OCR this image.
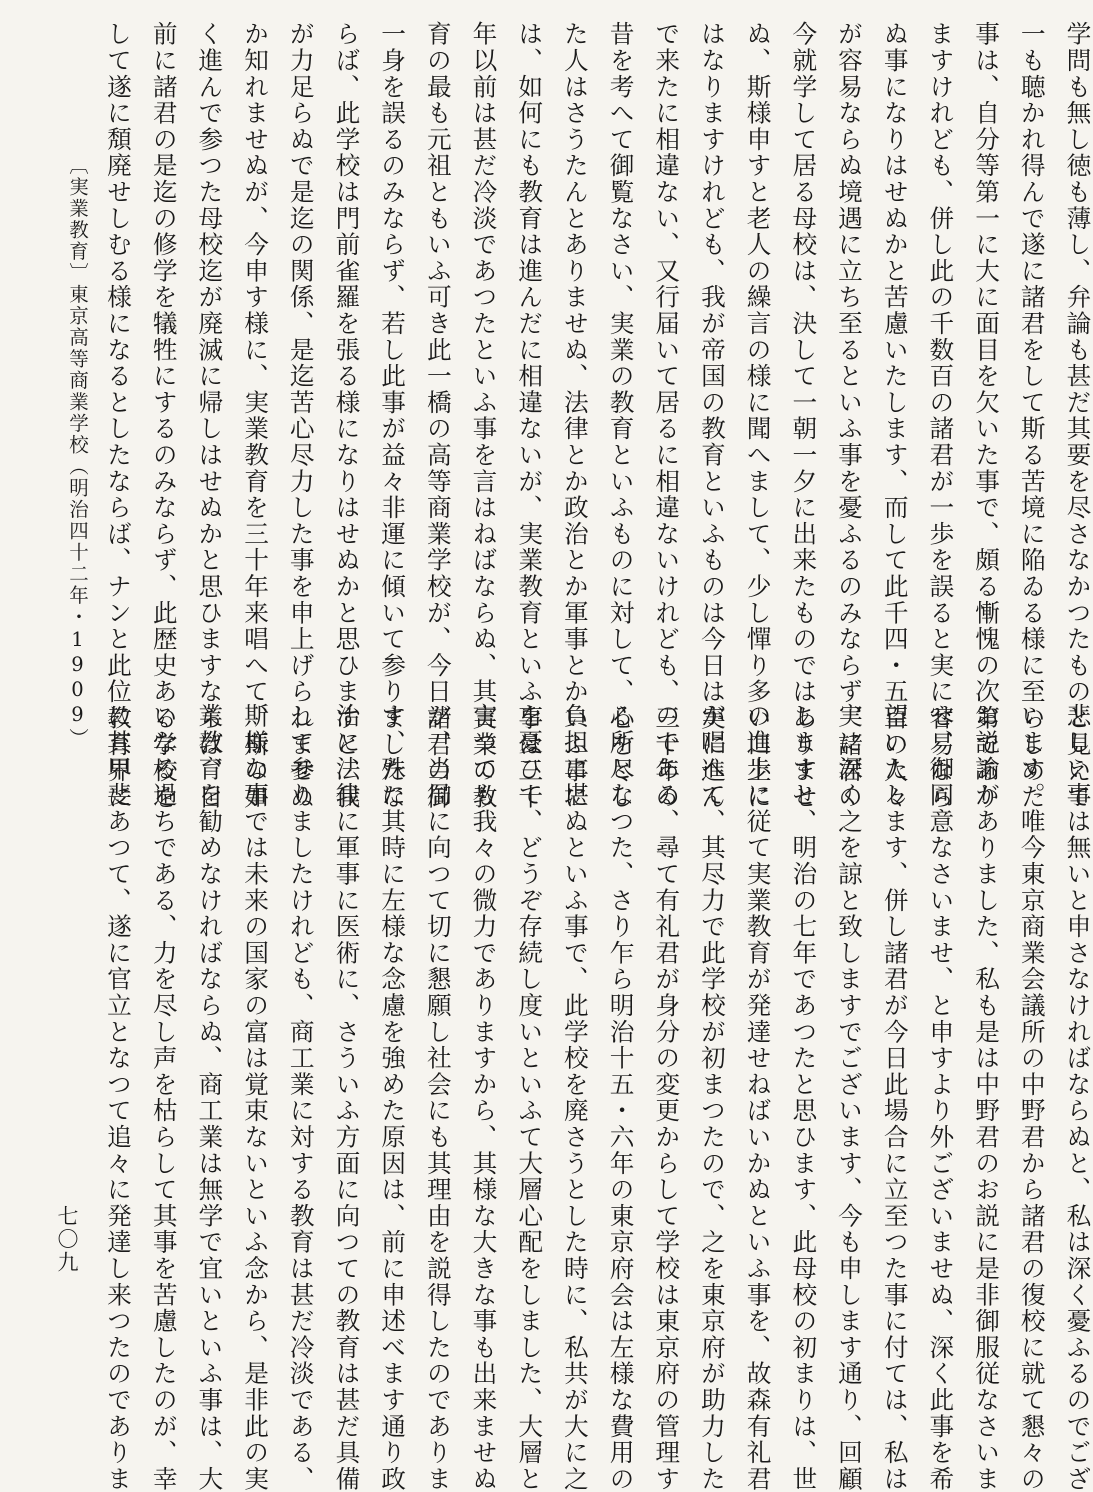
学問も無し徳も薄し、弁論も甚だ其要を尽さなかつたものと見えて
一も聴かれ得んで遂に諸君をして斯る苦境に陥ゐる様に至らしめた
事は、自分等第一に大に面目を欠いた事で、頗る慚愧の次第であり
ますけれども、併し此の千数百の諸君が一歩を誤ると実に容易なら
ぬ事になりはせぬかと苦慮いたします、而して此千四・五百の人々
が容易ならぬ境遇に立ち至るといふ事を憂ふるのみならず、諸君の
今就学して居る母校は、決して一朝一夕に出来たものではありませ
ぬ、斯様申すと老人の繰言の様に聞へまして、少し憚り多い口上に
はなりますけれども、我が帝国の教育といふものは今日は実に進ん
で来たに相違ない、又行届いて居るに相違ないけれども、三十年の
昔を考へて御覧なさい、実業の教育といふものに対して、心を尽し
た人はさうたんとありませぬ、法律とか政治とか軍事とかいふ事に
は、如何にも教育は進んだに相違ないが、実業教育といふ事は三十
年以前は甚だ冷淡であつたといふ事を言はねばならぬ、其実業の教
育の最も元祖ともいふ可き此一橋の高等商業学校が、今日諸君の御
一身を誤るのみならず、若し此事が益々非運に傾いて参りましたな
らば、此学校は門前雀羅を張る様になりはせぬかと思ひますと、我
が力足らぬで是迄の関係、是迄苦心尽力した事を申上げられませぬ
か知れませぬが、今申す様に、実業教育を三十年来唱へて、斯の如
く進んで参つた母校迄が廃滅に帰しはせぬかと思ひますならば、目
前に諸君の是迄の修学を犠牲にするのみならず、此歴史ある学校を
して遂に頽廃せしむる様になるとしたならば、ナンと此位教育界に
悲しい事は無いと申さなければならぬと、私は深く憂ふるのでござ
います。唯今東京商業会議所の中野君から諸君の復校に就て懇々の
お説諭がありました、私も是は中野君のお説に是非御服従なさいま
せ、御同意なさいませ、と申すより外ございませぬ、深く此事を希
望いたします、併し諸君が今日此場合に立至つた事に付ては、私は
実に深く之を諒と致しますでございます、今も申します通り、回顧
しますと、明治の七年であつたと思ひます、此母校の初まりは、世
の進歩に従て実業教育が発達せねばいかぬといふ事を、故森有礼君
が唱へて、其尽力で此学校が初まつたので、之を東京府が助力した
のである、尋て有礼君が身分の変更からして学校は東京府の管理す
る所となつた、さり乍ら明治十五・六年の東京府会は左様な費用の
負担に堪ぬといふ事で、此学校を廃さうとした時に、私共が大に之
を憂ひて、どうぞ存続し度いといふて大層心配をしました、大層と
言つても我々の微力でありますから、其様な大きな事も出来ませぬ
が、当局に向つて切に懇願し社会にも其理由を説得したのでありま
す、殊に其時に左様な念慮を強めた原因は、前に申述べます通り政
治に法律に軍事に医術に、さういふ方面に向つての教育は甚だ具備
して参りましたけれども、商工業に対する教育は甚だ冷淡である、
斯様な事では未来の国家の富は覚束ないといふ念から、是非此の実
業教育を勧めなければならぬ、商工業は無学で宜いといふ事は、大
いなる過ちである、力を尽し声を枯らして其事を苦慮したのが、幸
に其甲斐あつて、遂に官立となつて追々に発達し来つたのでありま
〔実業教育〕東京高等商業学校（明治四十二年・1909）
七〇九
